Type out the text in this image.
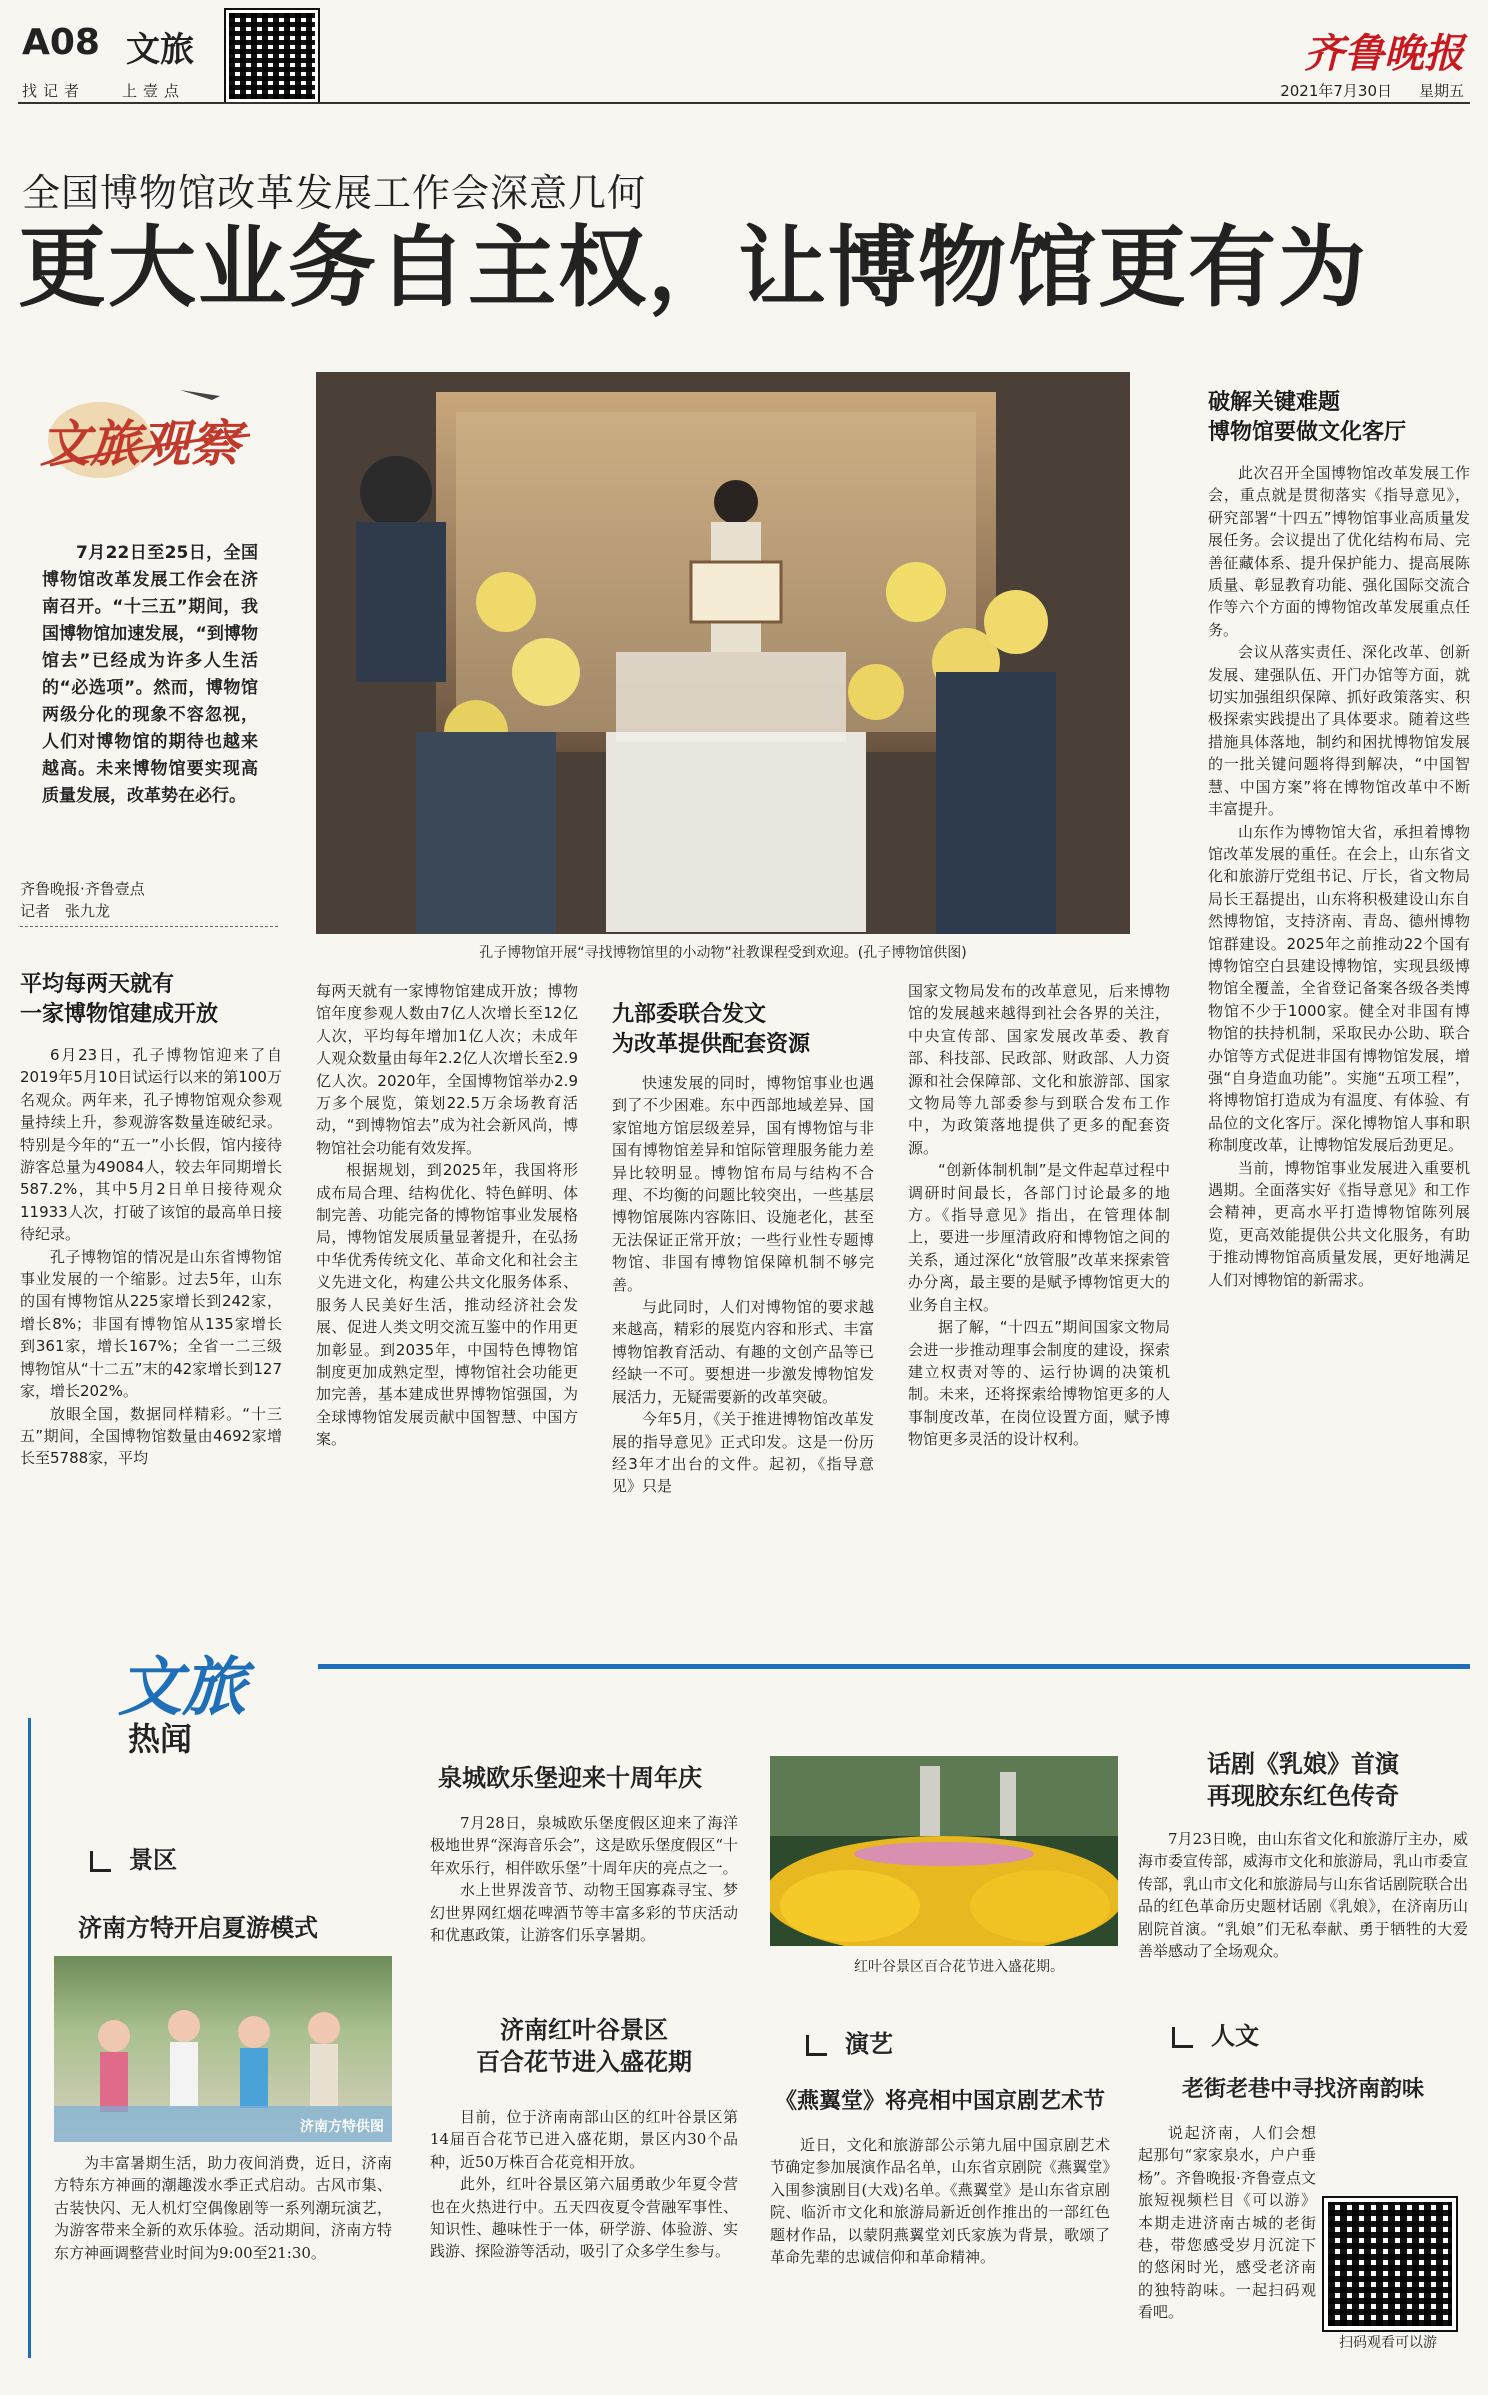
A08 文旅
找记者 上壹点
齐鲁晚报
2021年7月30日 星期五
全国博物馆改革发展工作会深意几何
更大业务自主权，让博物馆更有为
文旅观察
7月22日至25日，全国博物馆改革发展工作会在济南召开。“十三五”期间，我国博物馆加速发展，“到博物馆去”已经成为许多人生活的“必选项”。然而，博物馆两级分化的现象不容忽视，人们对博物馆的期待也越来越高。未来博物馆要实现高质量发展，改革势在必行。
齐鲁晚报·齐鲁壹点
记者　张九龙
孔子博物馆开展“寻找博物馆里的小动物”社教课程受到欢迎。(孔子博物馆供图)
平均每两天就有
一家博物馆建成开放

6月23日，孔子博物馆迎来了自2019年5月10日试运行以来的第100万名观众。两年来，孔子博物馆观众参观量持续上升，参观游客数量连破纪录。特别是今年的“五一”小长假，馆内接待游客总量为49084人，较去年同期增长587.2%，其中5月2日单日接待观众11933人次，打破了该馆的最高单日接待纪录。

孔子博物馆的情况是山东省博物馆事业发展的一个缩影。过去5年，山东的国有博物馆从225家增长到242家，增长8%；非国有博物馆从135家增长到361家，增长167%；全省一二三级博物馆从“十二五”末的42家增长到127家，增长202%。

放眼全国，数据同样精彩。“十三五”期间，全国博物馆数量由4692家增长至5788家，平均

每两天就有一家博物馆建成开放；博物馆年度参观人数由7亿人次增长至12亿人次，平均每年增加1亿人次；未成年人观众数量由每年2.2亿人次增长至2.9亿人次。2020年，全国博物馆举办2.9万多个展览，策划22.5万余场教育活动，“到博物馆去”成为社会新风尚，博物馆社会功能有效发挥。

根据规划，到2025年，我国将形成布局合理、结构优化、特色鲜明、体制完善、功能完备的博物馆事业发展格局，博物馆发展质量显著提升，在弘扬中华优秀传统文化、革命文化和社会主义先进文化，构建公共文化服务体系、服务人民美好生活，推动经济社会发展、促进人类文明交流互鉴中的作用更加彰显。到2035年，中国特色博物馆制度更加成熟定型，博物馆社会功能更加完善，基本建成世界博物馆强国，为全球博物馆发展贡献中国智慧、中国方案。

九部委联合发文
为改革提供配套资源

快速发展的同时，博物馆事业也遇到了不少困难。东中西部地域差异、国家馆地方馆层级差异，国有博物馆与非国有博物馆差异和馆际管理服务能力差异比较明显。博物馆布局与结构不合理、不均衡的问题比较突出，一些基层博物馆展陈内容陈旧、设施老化，甚至无法保证正常开放；一些行业性专题博物馆、非国有博物馆保障机制不够完善。

与此同时，人们对博物馆的要求越来越高，精彩的展览内容和形式、丰富博物馆教育活动、有趣的文创产品等已经缺一不可。要想进一步激发博物馆发展活力，无疑需要新的改革突破。

今年5月，《关于推进博物馆改革发展的指导意见》正式印发。这是一份历经3年才出台的文件。起初，《指导意见》只是

国家文物局发布的改革意见，后来博物馆的发展越来越得到社会各界的关注，中央宣传部、国家发展改革委、教育部、科技部、民政部、财政部、人力资源和社会保障部、文化和旅游部、国家文物局等九部委参与到联合发布工作中，为政策落地提供了更多的配套资源。

“创新体制机制”是文件起草过程中调研时间最长，各部门讨论最多的地方。《指导意见》指出，在管理体制上，要进一步厘清政府和博物馆之间的关系，通过深化“放管服”改革来探索管办分离，最主要的是赋予博物馆更大的业务自主权。

据了解，“十四五”期间国家文物局会进一步推动理事会制度的建设，探索建立权责对等的、运行协调的决策机制。未来，还将探索给博物馆更多的人事制度改革，在岗位设置方面，赋予博物馆更多灵活的设计权利。

破解关键难题
博物馆要做文化客厅

此次召开全国博物馆改革发展工作会，重点就是贯彻落实《指导意见》，研究部署“十四五”博物馆事业高质量发展任务。会议提出了优化结构布局、完善征藏体系、提升保护能力、提高展陈质量、彰显教育功能、强化国际交流合作等六个方面的博物馆改革发展重点任务。

会议从落实责任、深化改革、创新发展、建强队伍、开门办馆等方面，就切实加强组织保障、抓好政策落实、积极探索实践提出了具体要求。随着这些措施具体落地，制约和困扰博物馆发展的一批关键问题将得到解决，“中国智慧、中国方案”将在博物馆改革中不断丰富提升。

山东作为博物馆大省，承担着博物馆改革发展的重任。在会上，山东省文化和旅游厅党组书记、厅长，省文物局局长王磊提出，山东将积极建设山东自然博物馆，支持济南、青岛、德州博物馆群建设。2025年之前推动22个国有博物馆空白县建设博物馆，实现县级博物馆全覆盖，全省登记备案各级各类博物馆不少于1000家。健全对非国有博物馆的扶持机制，采取民办公助、联合办馆等方式促进非国有博物馆发展，增强“自身造血功能”。实施“五项工程”，将博物馆打造成为有温度、有体验、有品位的文化客厅。深化博物馆人事和职称制度改革，让博物馆发展后劲更足。

当前，博物馆事业发展进入重要机遇期。全面落实好《指导意见》和工作会精神，更高水平打造博物馆陈列展览，更高效能提供公共文化服务，有助于推动博物馆高质量发展，更好地满足人们对博物馆的新需求。

文旅
热闻
景区
济南方特开启夏游模式
济南方特供图

为丰富暑期生活，助力夜间消费，近日，济南方特东方神画的潮趣泼水季正式启动。古风市集、古装快闪、无人机灯空偶像剧等一系列潮玩演艺，为游客带来全新的欢乐体验。活动期间，济南方特东方神画调整营业时间为9:00至21:30。

泉城欧乐堡迎来十周年庆

7月28日，泉城欧乐堡度假区迎来了海洋极地世界“深海音乐会”，这是欧乐堡度假区“十年欢乐行，相伴欧乐堡”十周年庆的亮点之一。

水上世界泼音节、动物王国寡森寻宝、梦幻世界网红烟花啤酒节等丰富多彩的节庆活动和优惠政策，让游客们乐享暑期。

济南红叶谷景区
百合花节进入盛花期

目前，位于济南南部山区的红叶谷景区第14届百合花节已进入盛花期，景区内30个品种，近50万株百合花竞相开放。

此外，红叶谷景区第六届勇敢少年夏令营也在火热进行中。五天四夜夏令营融军事性、知识性、趣味性于一体，研学游、体验游、实践游、探险游等活动，吸引了众多学生参与。

红叶谷景区百合花节进入盛花期。
演艺
《燕翼堂》将亮相中国京剧艺术节

近日，文化和旅游部公示第九届中国京剧艺术节确定参加展演作品名单，山东省京剧院《燕翼堂》入围参演剧目(大戏)名单。《燕翼堂》是山东省京剧院、临沂市文化和旅游局新近创作推出的一部红色题材作品，以蒙阴燕翼堂刘氏家族为背景，歌颂了革命先辈的忠诚信仰和革命精神。

话剧《乳娘》首演
再现胶东红色传奇

7月23日晚，由山东省文化和旅游厅主办，威海市委宣传部，威海市文化和旅游局，乳山市委宣传部，乳山市文化和旅游局与山东省话剧院联合出品的红色革命历史题材话剧《乳娘》，在济南历山剧院首演。“乳娘”们无私奉献、勇于牺牲的大爱善举感动了全场观众。

人文
老街老巷中寻找济南韵味

说起济南，人们会想起那句“家家泉水，户户垂杨”。齐鲁晚报·齐鲁壹点文旅短视频栏目《可以游》本期走进济南古城的老街巷，带您感受岁月沉淀下的悠闲时光，感受老济南的独特韵味。一起扫码观看吧。

扫码观看可以游
